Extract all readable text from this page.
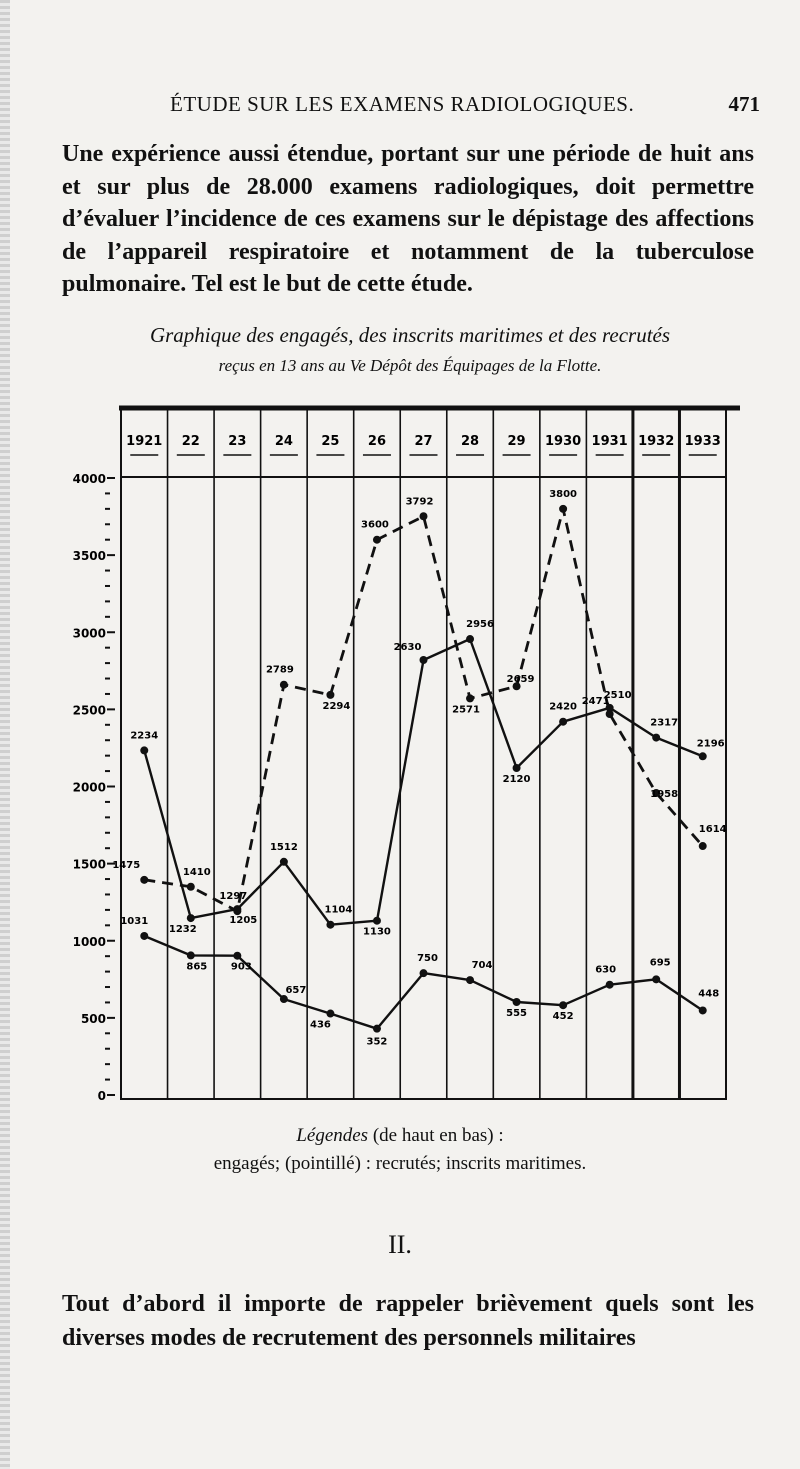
ÉTUDE SUR LES EXAMENS RADIOLOGIQUES.	471

Une expérience aussi étendue, portant sur une période de huit ans et sur plus de 28.000 examens radiologiques, doit permettre d’évaluer l’incidence de ces examens sur le dépistage des affections de l’appareil respiratoire et notamment de la tuberculose pulmonaire. Tel est le but de cette étude.

Graphique des engagés, des inscrits maritimes et des recrutés
reçus en 13 ans au Ve Dépôt des Équipages de la Flotte.
1921 22 23 24 25 26 27 28 29 1930 1931 1932 1933
0
500
1000
1500
2000
2500
3000
3500
4000
2234
1232
1205
1512
1104
1130
2630
2956
2120
2420
2510
2317
2196
1475
1410
1297
2789
2294
3600
3792
2571
2659
3800
2471
1958
1614
1031
865 903
657
436
352
750
704
555	452
630
695
448
Légendes (de haut en bas) :
engagés; (pointillé) : recrutés; inscrits maritimes.
II.

Tout d’abord il importe de rappeler brièvement quels sont les diverses modes de recrutement des personnels militaires
